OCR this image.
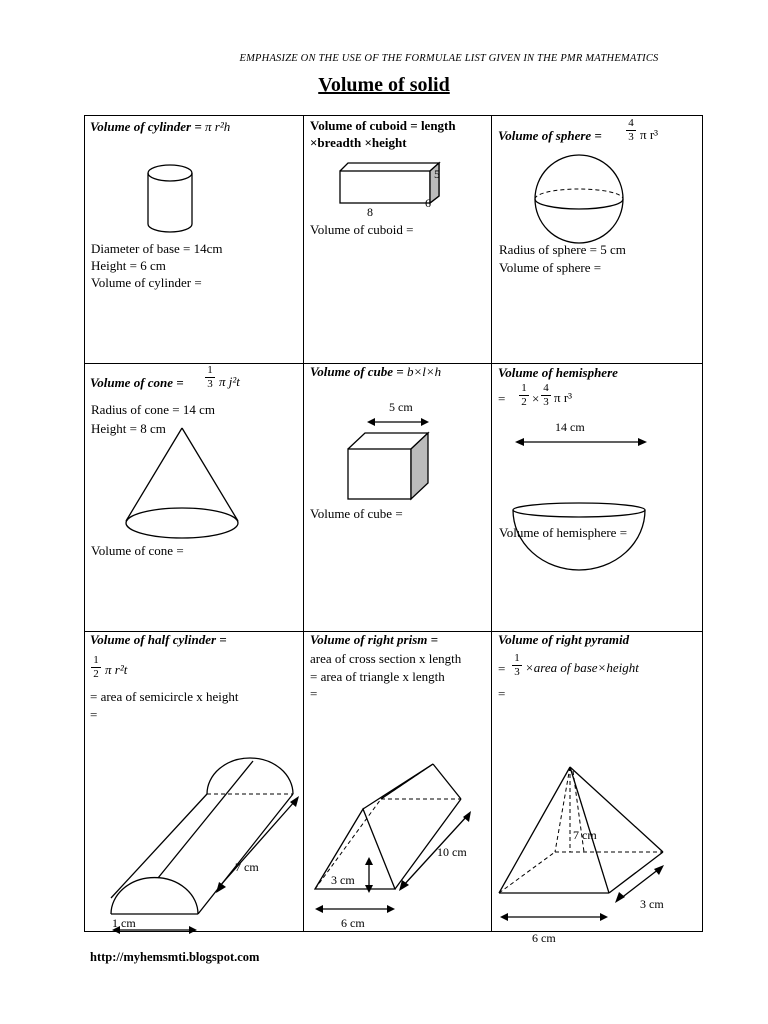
EMPHASIZE ON THE USE OF THE FORMULAE LIST GIVEN IN THE PMR MATHEMATICS
Volume of solid
Volume of cylinder = π r²h
Diameter of base = 14cm
Height = 6 cm
Volume of cylinder =
Volume of cuboid = length
×breadth ×height
8
6
5
Volume of cuboid =
Volume of sphere =
4
3 π r³
Radius of sphere = 5 cm
Volume of sphere =
Volume of cone =
1
3 π j²t
Radius of cone = 14 cm
Height = 8 cm
Volume of cone =
Volume of cube = b×l×h
5 cm
Volume of cube =
Volume of hemisphere
=
1
2 ×
4
3 π r³
14 cm
Volume of hemisphere =
Volume of half cylinder =
1
2 π r²t
= area of semicircle x height
=
7 cm
1 cm
Volume of right prism =
area of cross section x length
= area of triangle x length
=
3 cm
10 cm
6 cm
Volume of right pyramid
=
1
3 ×area of base×height
=
7 cm
3 cm
6 cm
http://myhemsmti.blogspot.com
